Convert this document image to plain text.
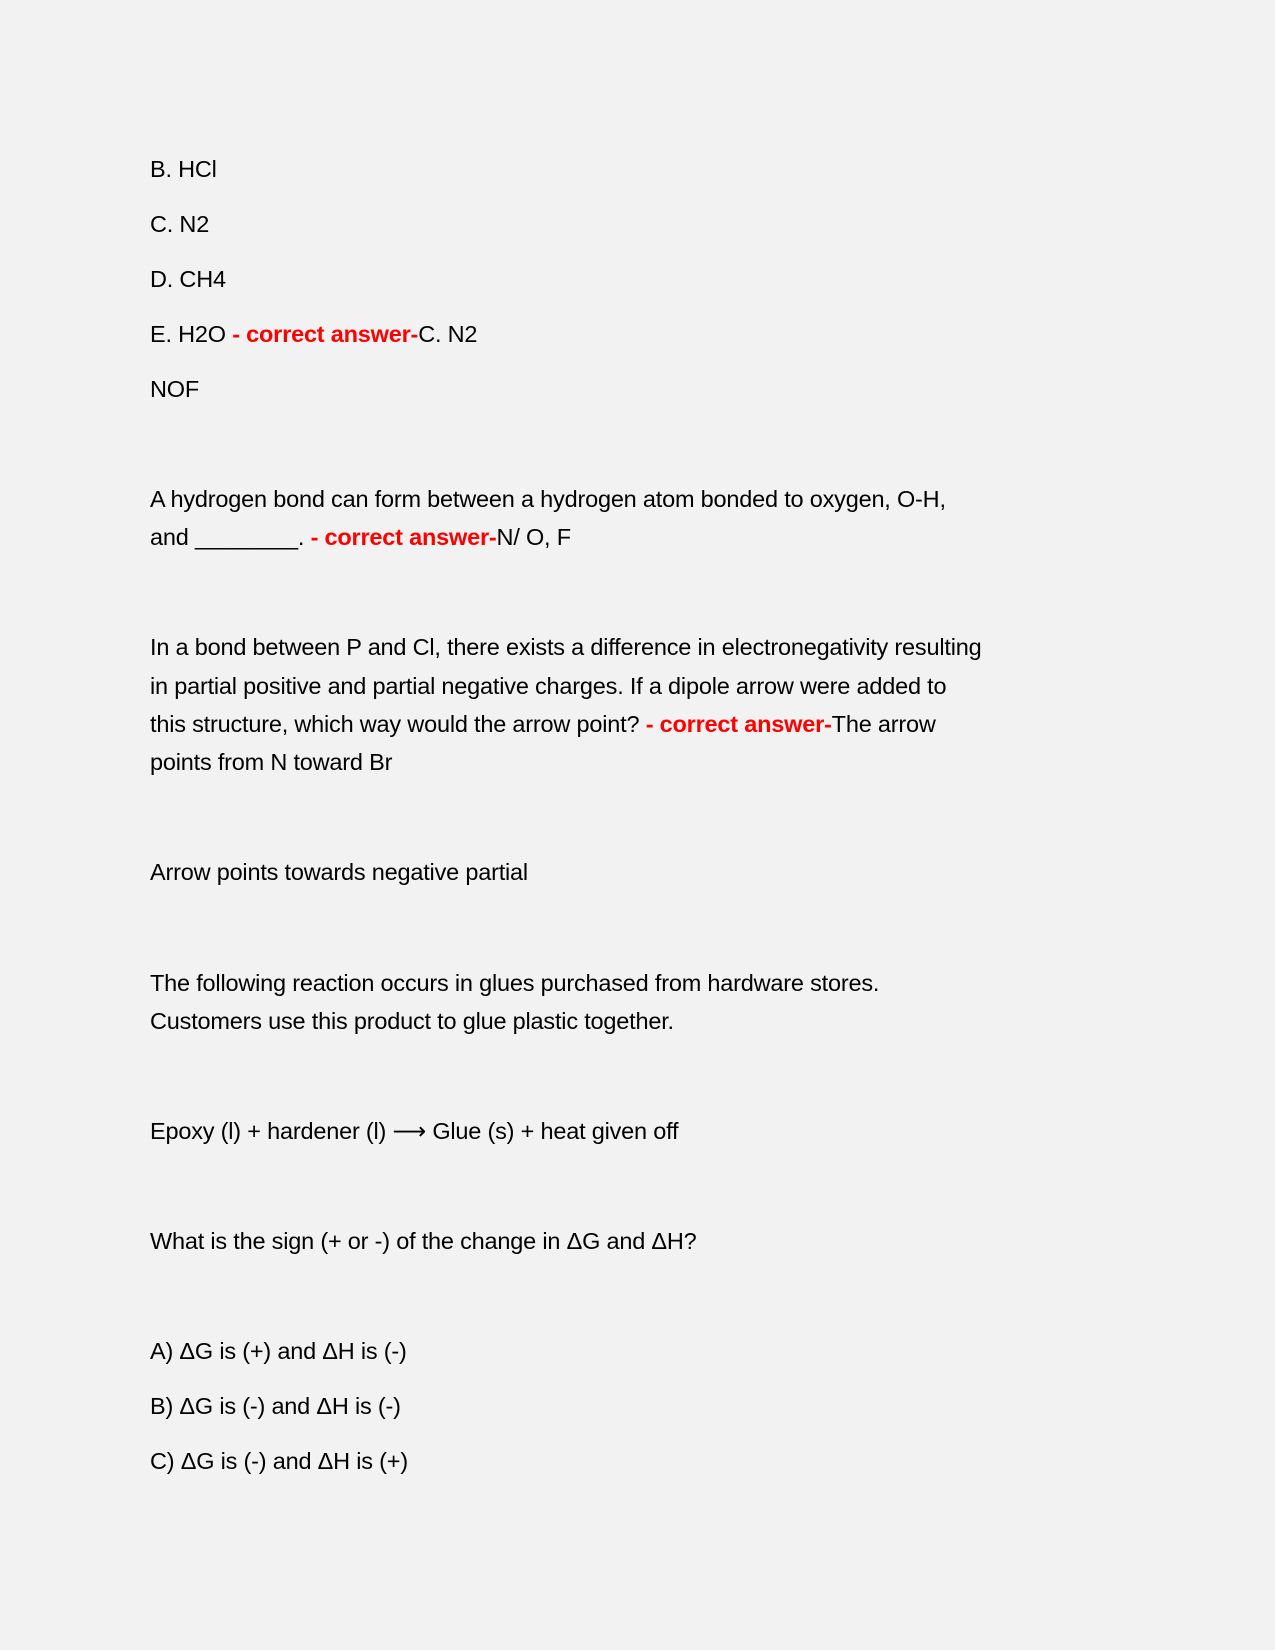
B. HCl
C. N2
D. CH4
E. H2O - correct answer-C. N2
NOF
A hydrogen bond can form between a hydrogen atom bonded to oxygen, O-H,
and ________. - correct answer-N/ O, F
In a bond between P and Cl, there exists a difference in electronegativity resulting
in partial positive and partial negative charges. If a dipole arrow were added to
this structure, which way would the arrow point? - correct answer-The arrow
points from N toward Br
Arrow points towards negative partial
The following reaction occurs in glues purchased from hardware stores.
Customers use this product to glue plastic together.
Epoxy (l) + hardener (l) ⟶ Glue (s) + heat given off
What is the sign (+ or -) of the change in ΔG and ΔH?
A) ΔG is (+) and ΔH is (-)
B) ΔG is (-) and ΔH is (-)
C) ΔG is (-) and ΔH is (+)
